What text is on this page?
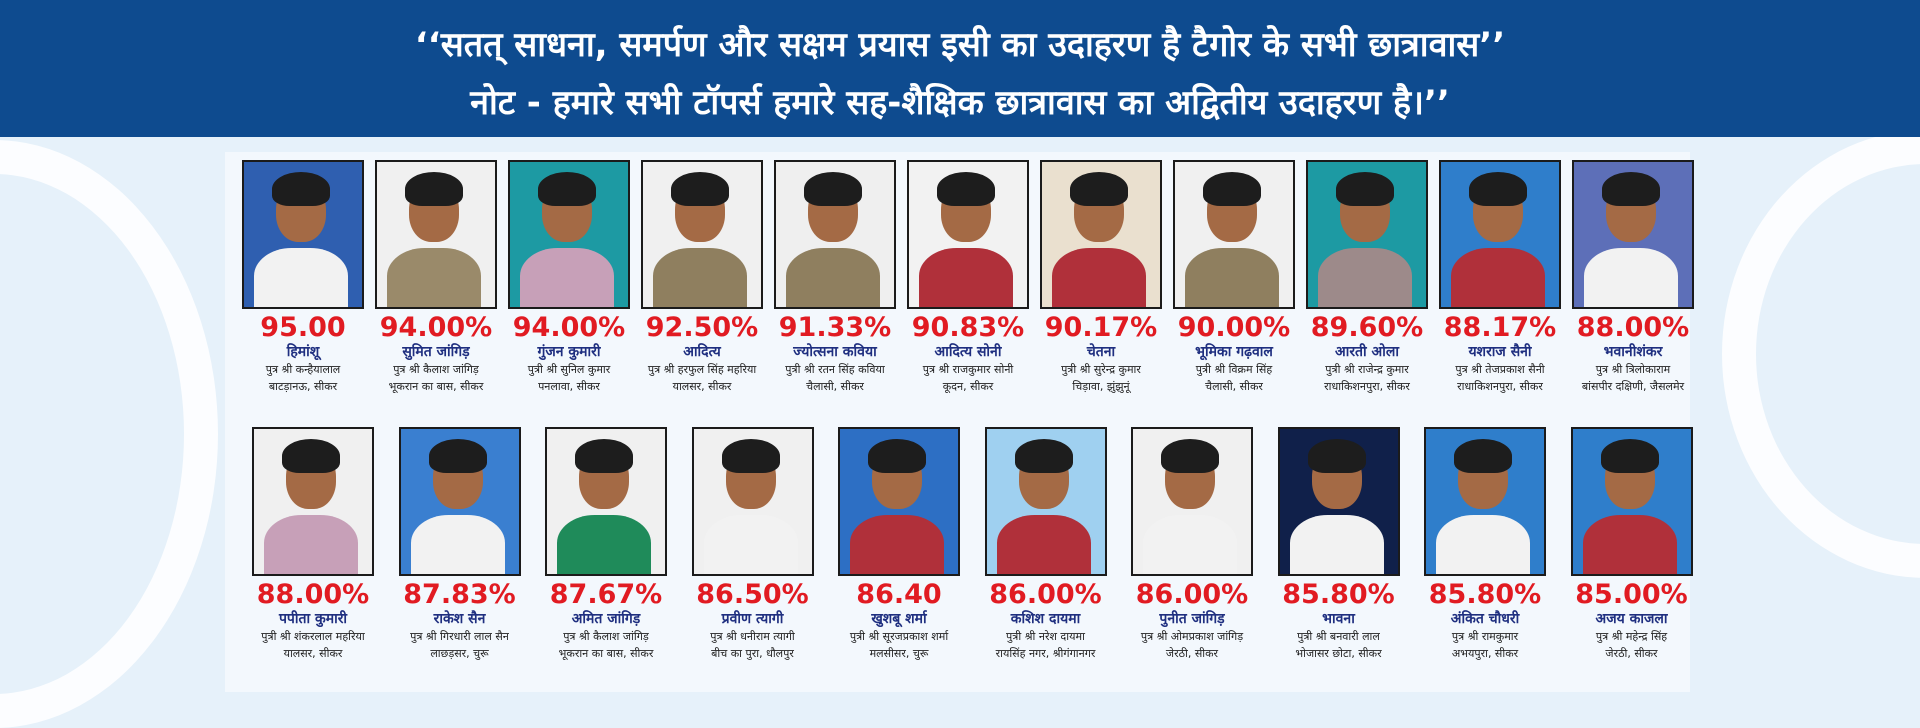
‘‘सतत् साधना, समर्पण और सक्षम प्रयास इसी का उदाहरण है टैगोर के सभी छात्रावास’’
नोट - हमारे सभी टॉपर्स हमारे सह-शैक्षिक छात्रावास का अद्वितीय उदाहरण है।’’
95.00
हिमांशू
पुत्र श्री कन्हैयालाल
बाटड़ानऊ, सीकर
94.00%
सुमित जांगिड़
पुत्र श्री कैलाश जांगिड़
भूकरान का बास, सीकर
94.00%
गुंजन कुमारी
पुत्री श्री सुनिल कुमार
पनलावा, सीकर
92.50%
आदित्य
पुत्र श्री हरफुल सिंह महरिया
यालसर, सीकर
91.33%
ज्योत्सना कविया
पुत्री श्री रतन सिंह कविया
चैलासी, सीकर
90.83%
आदित्य सोनी
पुत्र श्री राजकुमार सोनी
कूदन, सीकर
90.17%
चेतना
पुत्री श्री सुरेन्द्र कुमार
चिड़ावा, झुंझुनूं
90.00%
भूमिका गढ़वाल
पुत्री श्री विक्रम सिंह
चैलासी, सीकर
89.60%
आरती ओला
पुत्री श्री राजेन्द्र कुमार
राधाकिशनपुरा, सीकर
88.17%
यशराज सैनी
पुत्र श्री तेजप्रकाश सैनी
राधाकिशनपुरा, सीकर
88.00%
भवानीशंकर
पुत्र श्री त्रिलोकाराम
बांसपीर दक्षिणी, जैसलमेर
88.00%
पपीता कुमारी
पुत्री श्री शंकरलाल महरिया
यालसर, सीकर
87.83%
राकेश सैन
पुत्र श्री गिरधारी लाल सैन
लाछड़सर, चुरू
87.67%
अमित जांगिड़
पुत्र श्री कैलाश जांगिड़
भूकरान का बास, सीकर
86.50%
प्रवीण त्यागी
पुत्र श्री धनीराम त्यागी
बीच का पुरा, धौलपुर
86.40
खुशबू शर्मा
पुत्री श्री सूरजप्रकाश शर्मा
मलसीसर, चुरू
86.00%
कशिश दायमा
पुत्री श्री नरेश दायमा
रायसिंह नगर, श्रीगंगानगर
86.00%
पुनीत जांगिड़
पुत्र श्री ओमप्रकाश जांगिड़
जेरठी, सीकर
85.80%
भावना
पुत्री श्री बनवारी लाल
भोजासर छोटा, सीकर
85.80%
अंकित चौधरी
पुत्र श्री रामकुमार
अभयपुरा, सीकर
85.00%
अजय काजला
पुत्र श्री महेन्द्र सिंह
जेरठी, सीकर
